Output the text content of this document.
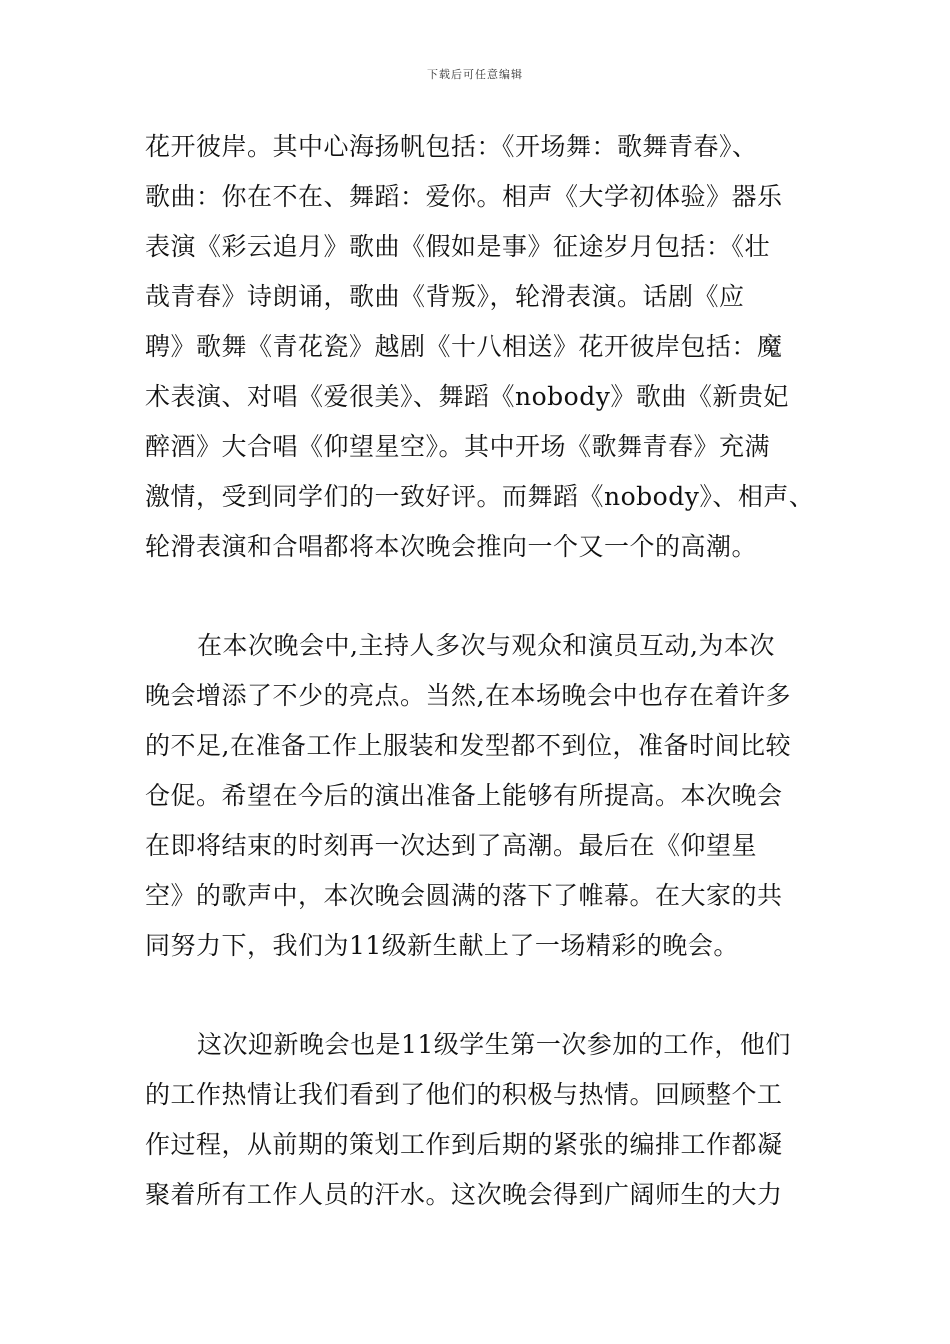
下载后可任意编辑
花开彼岸。其中心海扬帆包括：《开场舞：歌舞青春》、
歌曲：你在不在、舞蹈：爱你。相声《大学初体验》器乐
表演《彩云追月》歌曲《假如是事》征途岁月包括：《壮
哉青春》诗朗诵，歌曲《背叛》，轮滑表演。话剧《应
聘》歌舞《青花瓷》越剧《十八相送》花开彼岸包括：魔
术表演、对唱《爱很美》、舞蹈《nobody》歌曲《新贵妃
醉酒》大合唱《仰望星空》。其中开场《歌舞青春》充满
激情，受到同学们的一致好评。而舞蹈《nobody》、相声、
轮滑表演和合唱都将本次晚会推向一个又一个的高潮。
在本次晚会中,主持人多次与观众和演员互动,为本次
晚会增添了不少的亮点。当然,在本场晚会中也存在着许多
的不足,在准备工作上服装和发型都不到位，准备时间比较
仓促。希望在今后的演出准备上能够有所提高。本次晚会
在即将结束的时刻再一次达到了高潮。最后在《仰望星
空》的歌声中，本次晚会圆满的落下了帷幕。在大家的共
同努力下，我们为11级新生献上了一场精彩的晚会。
这次迎新晚会也是11级学生第一次参加的工作，他们
的工作热情让我们看到了他们的积极与热情。回顾整个工
作过程，从前期的策划工作到后期的紧张的编排工作都凝
聚着所有工作人员的汗水。这次晚会得到广阔师生的大力
